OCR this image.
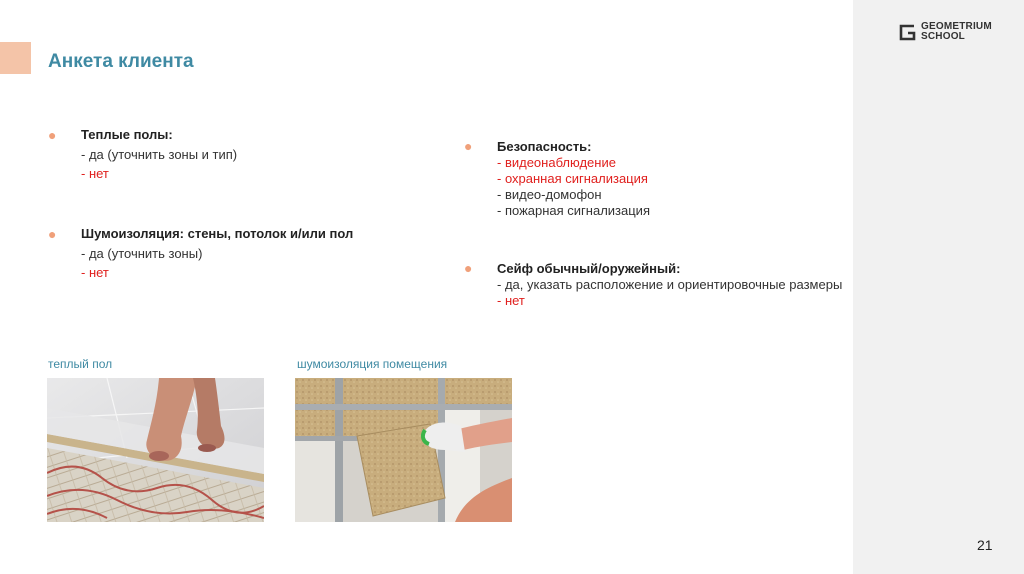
Анкета клиента
GEOMETRIUM
SCHOOL
● Теплые полы:
- да (уточнить зоны и тип)
- нет
● Шумоизоляция: стены, потолок и/или пол
- да (уточнить зоны)
- нет
● Безопасность:
- видеонаблюдение
- охранная сигнализация
- видео-домофон
- пожарная сигнализация
● Сейф обычный/оружейный:
- да, указать расположение и ориентировочные размеры
- нет
теплый пол	шумоизоляция помещения
21
